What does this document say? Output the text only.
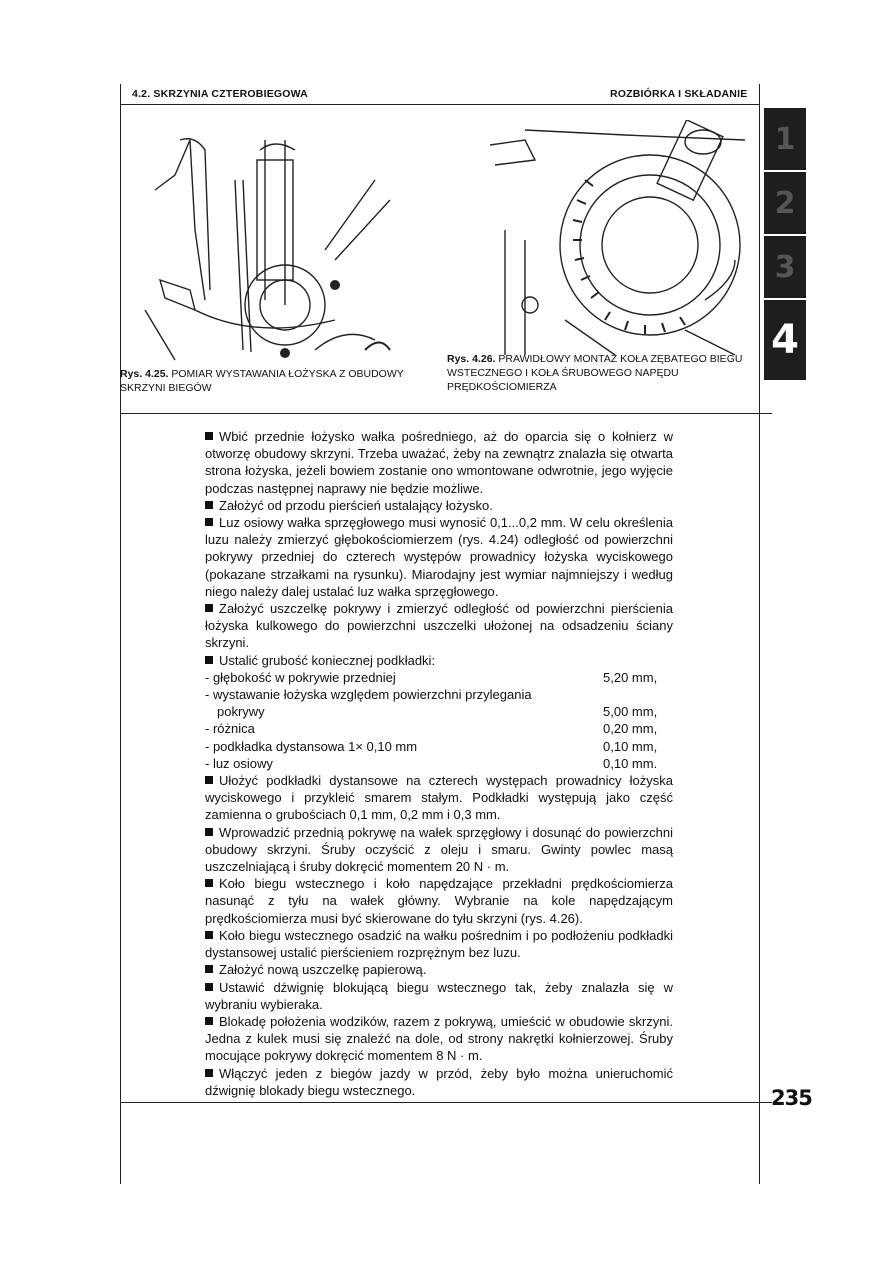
4.2. SKRZYNIA CZTEROBIEGOWA	ROZBIÓRKA I SKŁADANIE
Rys. 4.25. POMIAR WYSTAWANIA ŁOŻYSKA Z OBUDOWY SKRZYNI BIEGÓW
Rys. 4.26. PRAWIDŁOWY MONTAŻ KOŁA ZĘBATEGO BIEGU WSTECZNEGO I KOŁA ŚRUBOWEGO NAPĘDU PRĘDKOŚCIOMIERZA

Wbić przednie łożysko wałka pośredniego, aż do oparcia się o kołnierz w otworzę obudowy skrzyni. Trzeba uważać, żeby na zewnątrz znalazła się otwarta strona łożyska, jeżeli bowiem zostanie ono wmontowane odwrotnie, jego wyjęcie podczas następnej naprawy nie będzie możliwe.

Założyć od przodu pierścień ustalający łożysko.

Luz osiowy wałka sprzęgłowego musi wynosić 0,1...0,2 mm. W celu określenia luzu należy zmierzyć głębokościomierzem (rys. 4.24) odległość od powierzchni pokrywy przedniej do czterech występów prowadnicy łożyska wyciskowego (pokazane strzałkami na rysunku). Miarodajny jest wymiar najmniejszy i według niego należy dalej ustalać luz wałka sprzęgłowego.

Założyć uszczelkę pokrywy i zmierzyć odległość od powierzchni pierścienia łożyska kulkowego do powierzchni uszczelki ułożonej na odsadzeniu ściany skrzyni.

Ustalić grubość koniecznej podkładki:

- głębokość w pokrywie przedniej	5,20 mm,
- wystawanie łożyska względem powierzchni przylegania
pokrywy	5,00 mm,
- różnica	0,20 mm,
- podkładka dystansowa 1× 0,10 mm	0,10 mm,
- luz osiowy	0,10 mm.

Ułożyć podkładki dystansowe na czterech występach prowadnicy łożyska wyciskowego i przykleić smarem stałym. Podkładki występują jako część zamienna o grubościach 0,1 mm, 0,2 mm i 0,3 mm.

Wprowadzić przednią pokrywę na wałek sprzęgłowy i dosunąć do powierzchni obudowy skrzyni. Śruby oczyścić z oleju i smaru. Gwinty powlec masą uszczelniającą i śruby dokręcić momentem 20 N · m.

Koło biegu wstecznego i koło napędzające przekładni prędkościomierza nasunąć z tyłu na wałek główny. Wybranie na kole napędzającym prędkościomierza musi być skierowane do tyłu skrzyni (rys. 4.26).

Koło biegu wstecznego osadzić na wałku pośrednim i po podłożeniu podkładki dystansowej ustalić pierścieniem rozprężnym bez luzu.

Założyć nową uszczelkę papierową.

Ustawić dźwignię blokującą biegu wstecznego tak, żeby znalazła się w wybraniu wybieraka.

Blokadę położenia wodzików, razem z pokrywą, umieścić w obudowie skrzyni. Jedna z kulek musi się znaleźć na dole, od strony nakrętki kołnierzowej. Śruby mocujące pokrywy dokręcić momentem 8 N · m.

Włączyć jeden z biegów jazdy w przód, żeby było można unieruchomić dźwignię blokady biegu wstecznego.

1
2
3
4
235
